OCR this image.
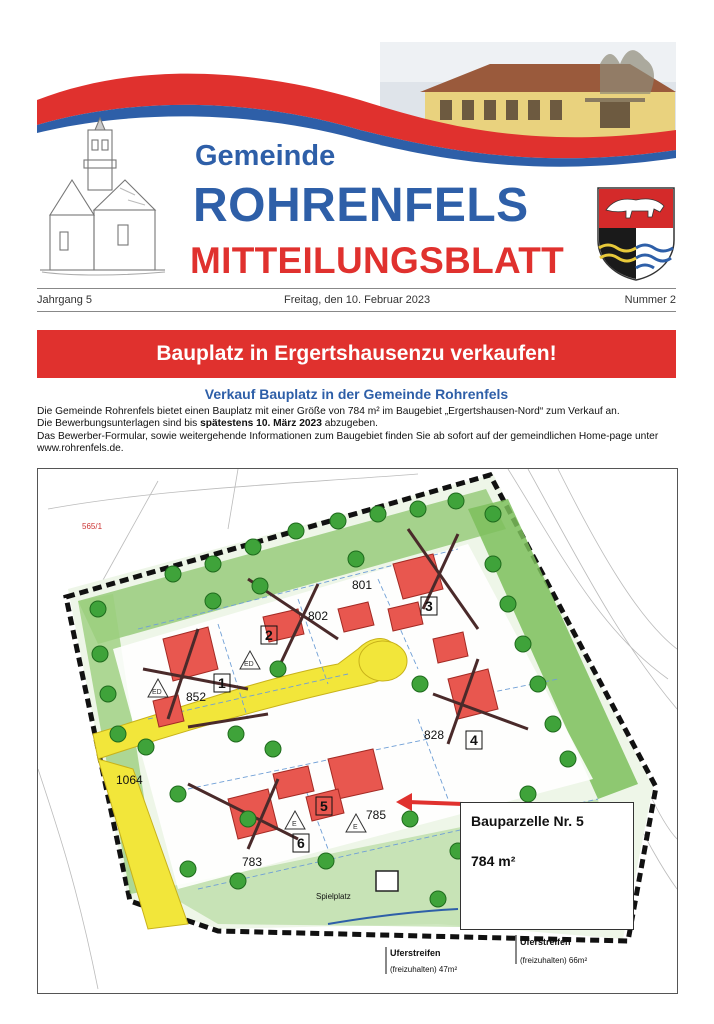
Gemeinde
ROHRENFELS
MITTEILUNGSBLATT
Jahrgang 5	Freitag, den 10. Februar 2023	Nummer 2
Bauplatz in Ergertshausenzu verkaufen!
Verkauf Bauplatz in der Gemeinde Rohrenfels

Die Gemeinde Rohrenfels bietet einen Bauplatz mit einer Größe von 784 m² im Baugebiet „Ergertshausen-Nord“ zum Verkauf an.

Die Bewerbungsunterlagen sind bis spätestens 10. März 2023 abzugeben.

Das Bewerber-Formular, sowie weitergehende Informationen zum Baugebiet finden Sie ab sofort auf der gemeindlichen Home-page unter www.rohrenfels.de.

801
802
852
828
785
783
1064
565/1
1
2
3
4
5
6
ED
ED
E	E
Spielplatz
Uferstreifen
(freizuhalten) 47m²
Uferstreifen
(freizuhalten) 66m²
Bauparzelle Nr. 5
784 m²
